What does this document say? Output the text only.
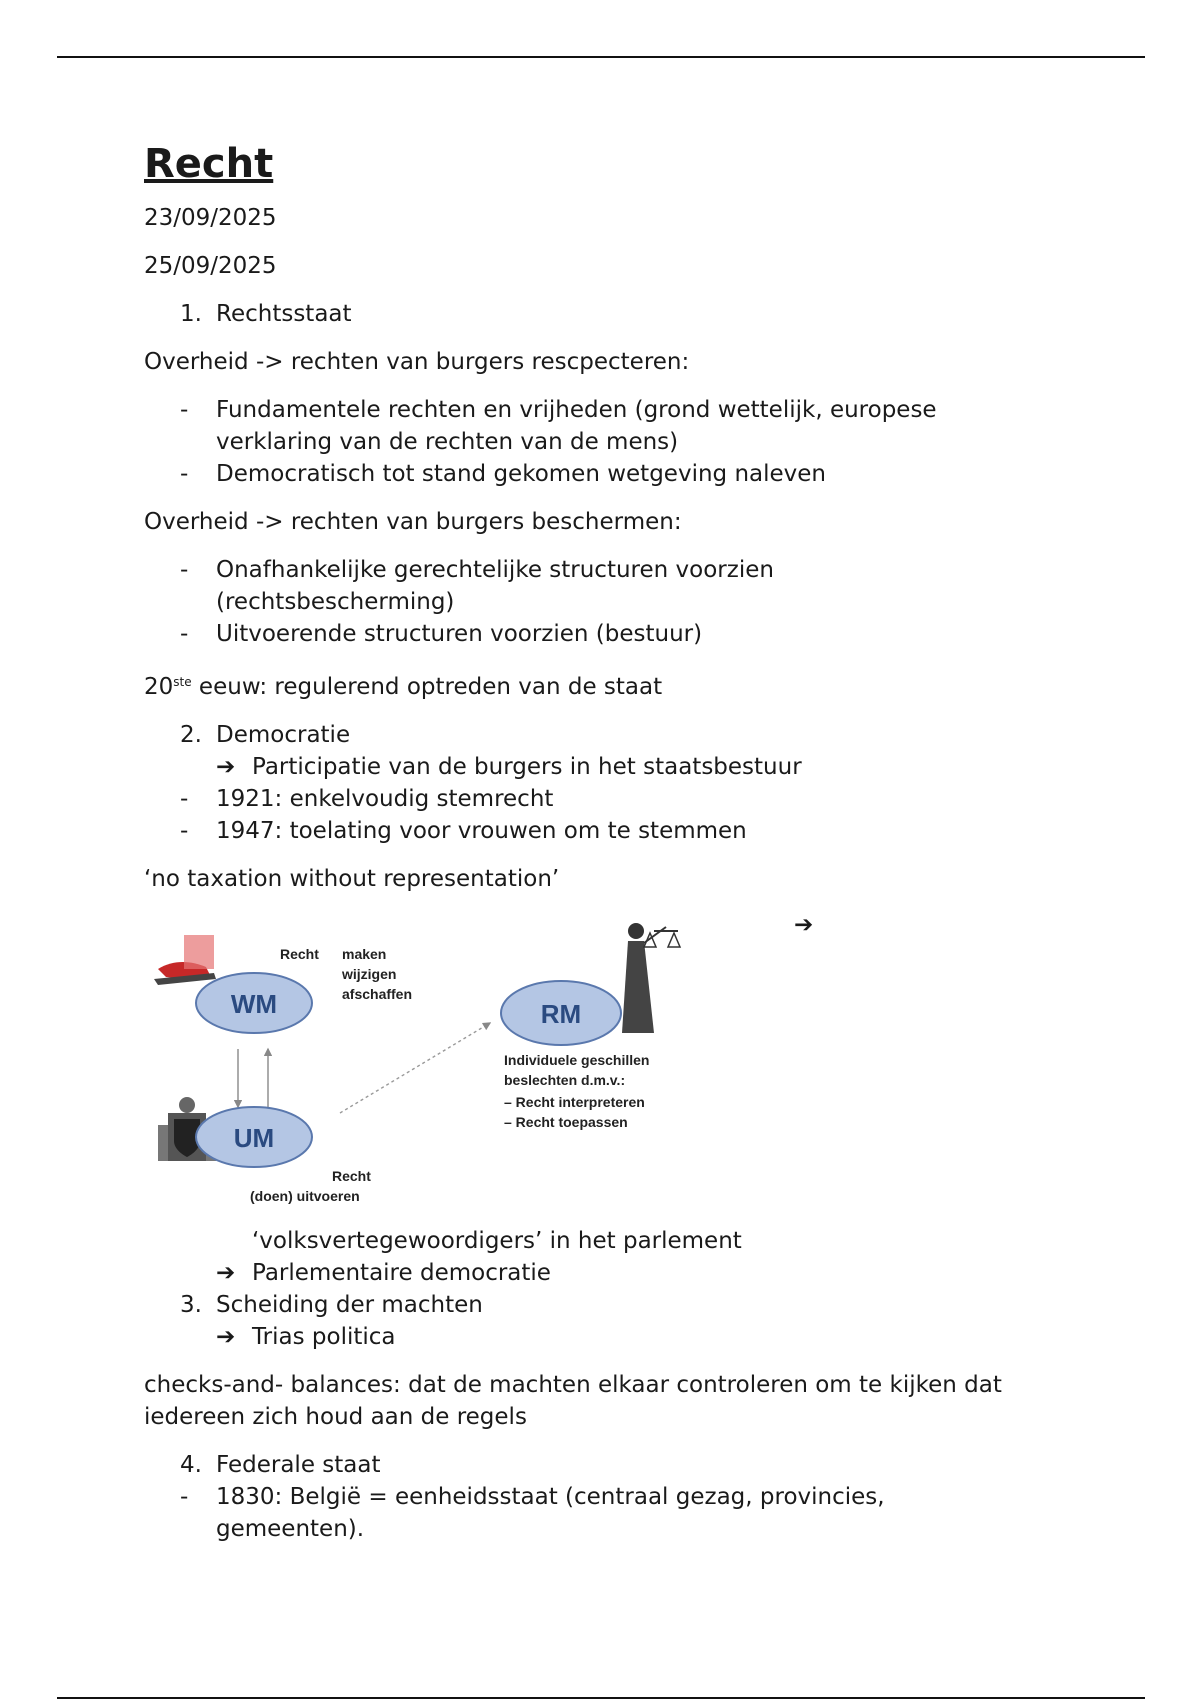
Recht

23/09/2025

25/09/2025

1. Rechtsstaat

Overheid -> rechten van burgers rescpecteren:

- Fundamentele rechten en vrijheden (grond wettelijk, europese
verklaring van de rechten van de mens)
- Democratisch tot stand gekomen wetgeving naleven

Overheid -> rechten van burgers beschermen:

- Onafhankelijke gerechtelijke structuren voorzien
(rechtsbescherming)
- Uitvoerende structuren voorzien (bestuur)

20ste eeuw: regulerend optreden van de staat

2. Democratie
➔ Participatie van de burgers in het staatsbestuur
- 1921: enkelvoudig stemrecht
- 1947: toelating voor vrouwen om te stemmen

‘no taxation without representation’

WM
UM
RM
Recht maken
wijzigen
afschaffen
Recht
(doen) uitvoeren
Individuele geschillen
beslechten d.m.v.:
– Recht interpreteren
– Recht toepassen
➔
‘volksvertegewoordigers’ in het parlement
➔ Parlementaire democratie
3. Scheiding der machten
➔ Trias politica

checks-and- balances: dat de machten elkaar controleren om te kijken dat iedereen zich houd aan de regels

4. Federale staat
- 1830: België = eenheidsstaat (centraal gezag, provincies,
gemeenten).
